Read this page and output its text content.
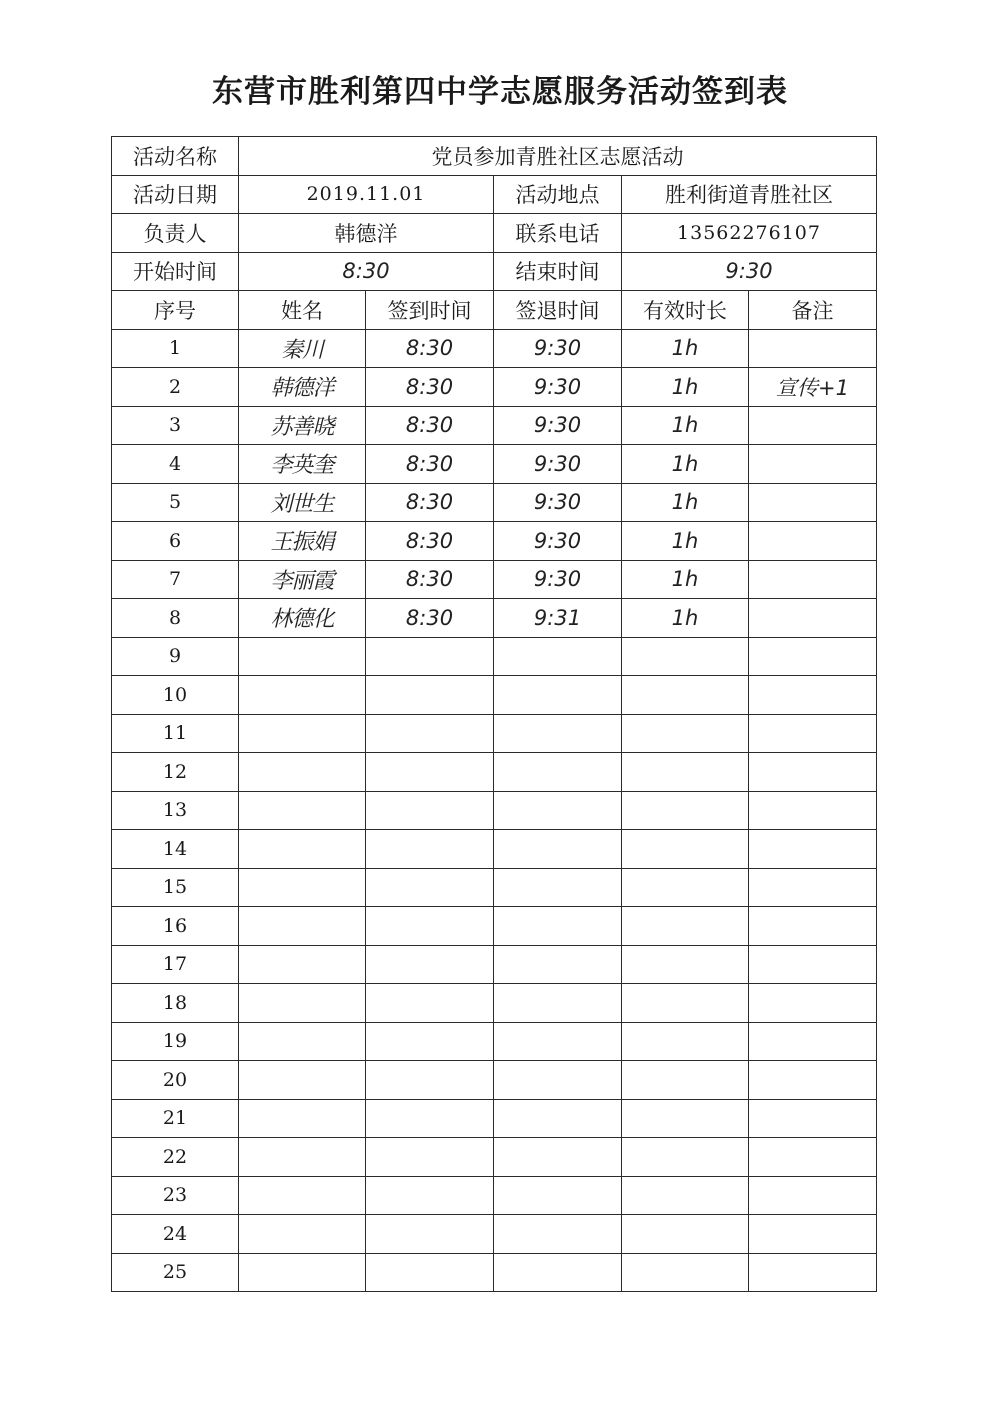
东营市胜利第四中学志愿服务活动签到表
活动名称	党员参加青胜社区志愿活动				
活动日期	2019.11.01		活动地点	胜利街道青胜社区	
负责人	韩德洋		联系电话	13562276107	
开始时间	8:30		结束时间	9:30	
序号	姓名	签到时间	签退时间	有效时长	备注
1	秦川	8:30	9:30	1h	
2	韩德洋	8:30	9:30	1h	宣传+1
3	苏善晓	8:30	9:30	1h	
4	李英奎	8:30	9:30	1h	
5	刘世生	8:30	9:30	1h	
6	王振娟	8:30	9:30	1h	
7	李丽霞	8:30	9:30	1h	
8	林德化	8:30	9:31	1h	
9					
10					
11					
12					
13					
14					
15					
16					
17					
18					
19					
20					
21					
22					
23					
24					
25					
